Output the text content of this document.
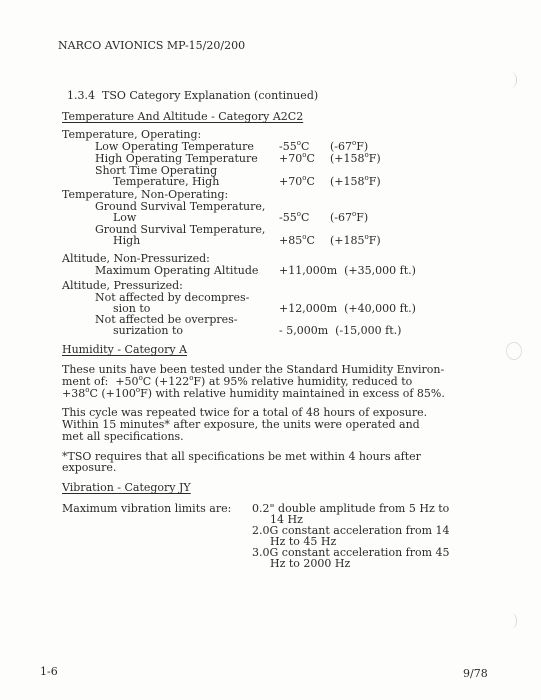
NARCO AVIONICS MP-15/20/200
1.3.4  TSO Category Explanation (continued)
Temperature And Altitude - Category A2C2
Temperature, Operating:
Low Operating Temperature -55$^o$C (-67$^o$F)
High Operating Temperature $+70^oC$ $(+158^oF)$
Short Time Operating
Temperature, High	$+70^oC$ $(+158^oF)$
Temperature, Non-Operating:
Ground Survival Temperature,
Low	-55$^o$C (-67$^o$F)
Ground Survival Temperature,
High	$+85^oC$ $(+185^oF)$
Altitude, Non-Pressurized:
Maximum Operating Altitude +11,000m  (+35,000 ft.)
Altitude, Pressurized:
Not affected by decompres-
sion to	+12,000m  (+40,000 ft.)
Not affected be overpres-
surization to	- 5,000m  (-15,000 ft.)
Humidity - Category A
These units have been tested under the Standard Humidity Environ-
ment of:  $+50^oC$ $(+122^oF)$ at 95% relative humidity, reduced to
$+38^oC$ $(+100^oF)$ with relative humidity maintained in excess of 85%.
This cycle was repeated twice for a total of 48 hours of exposure.
Within 15 minutes* after exposure, the units were operated and
met all specifications.
*TSO requires that all specifications be met within 4 hours after
exposure.
Vibration - Category JY
Maximum vibration limits are: 0.2" double amplitude from 5 Hz to
14 Hz
2.0G constant acceleration from 14
Hz to 45 Hz
3.0G constant acceleration from 45
Hz to 2000 Hz
1-6	9/78
